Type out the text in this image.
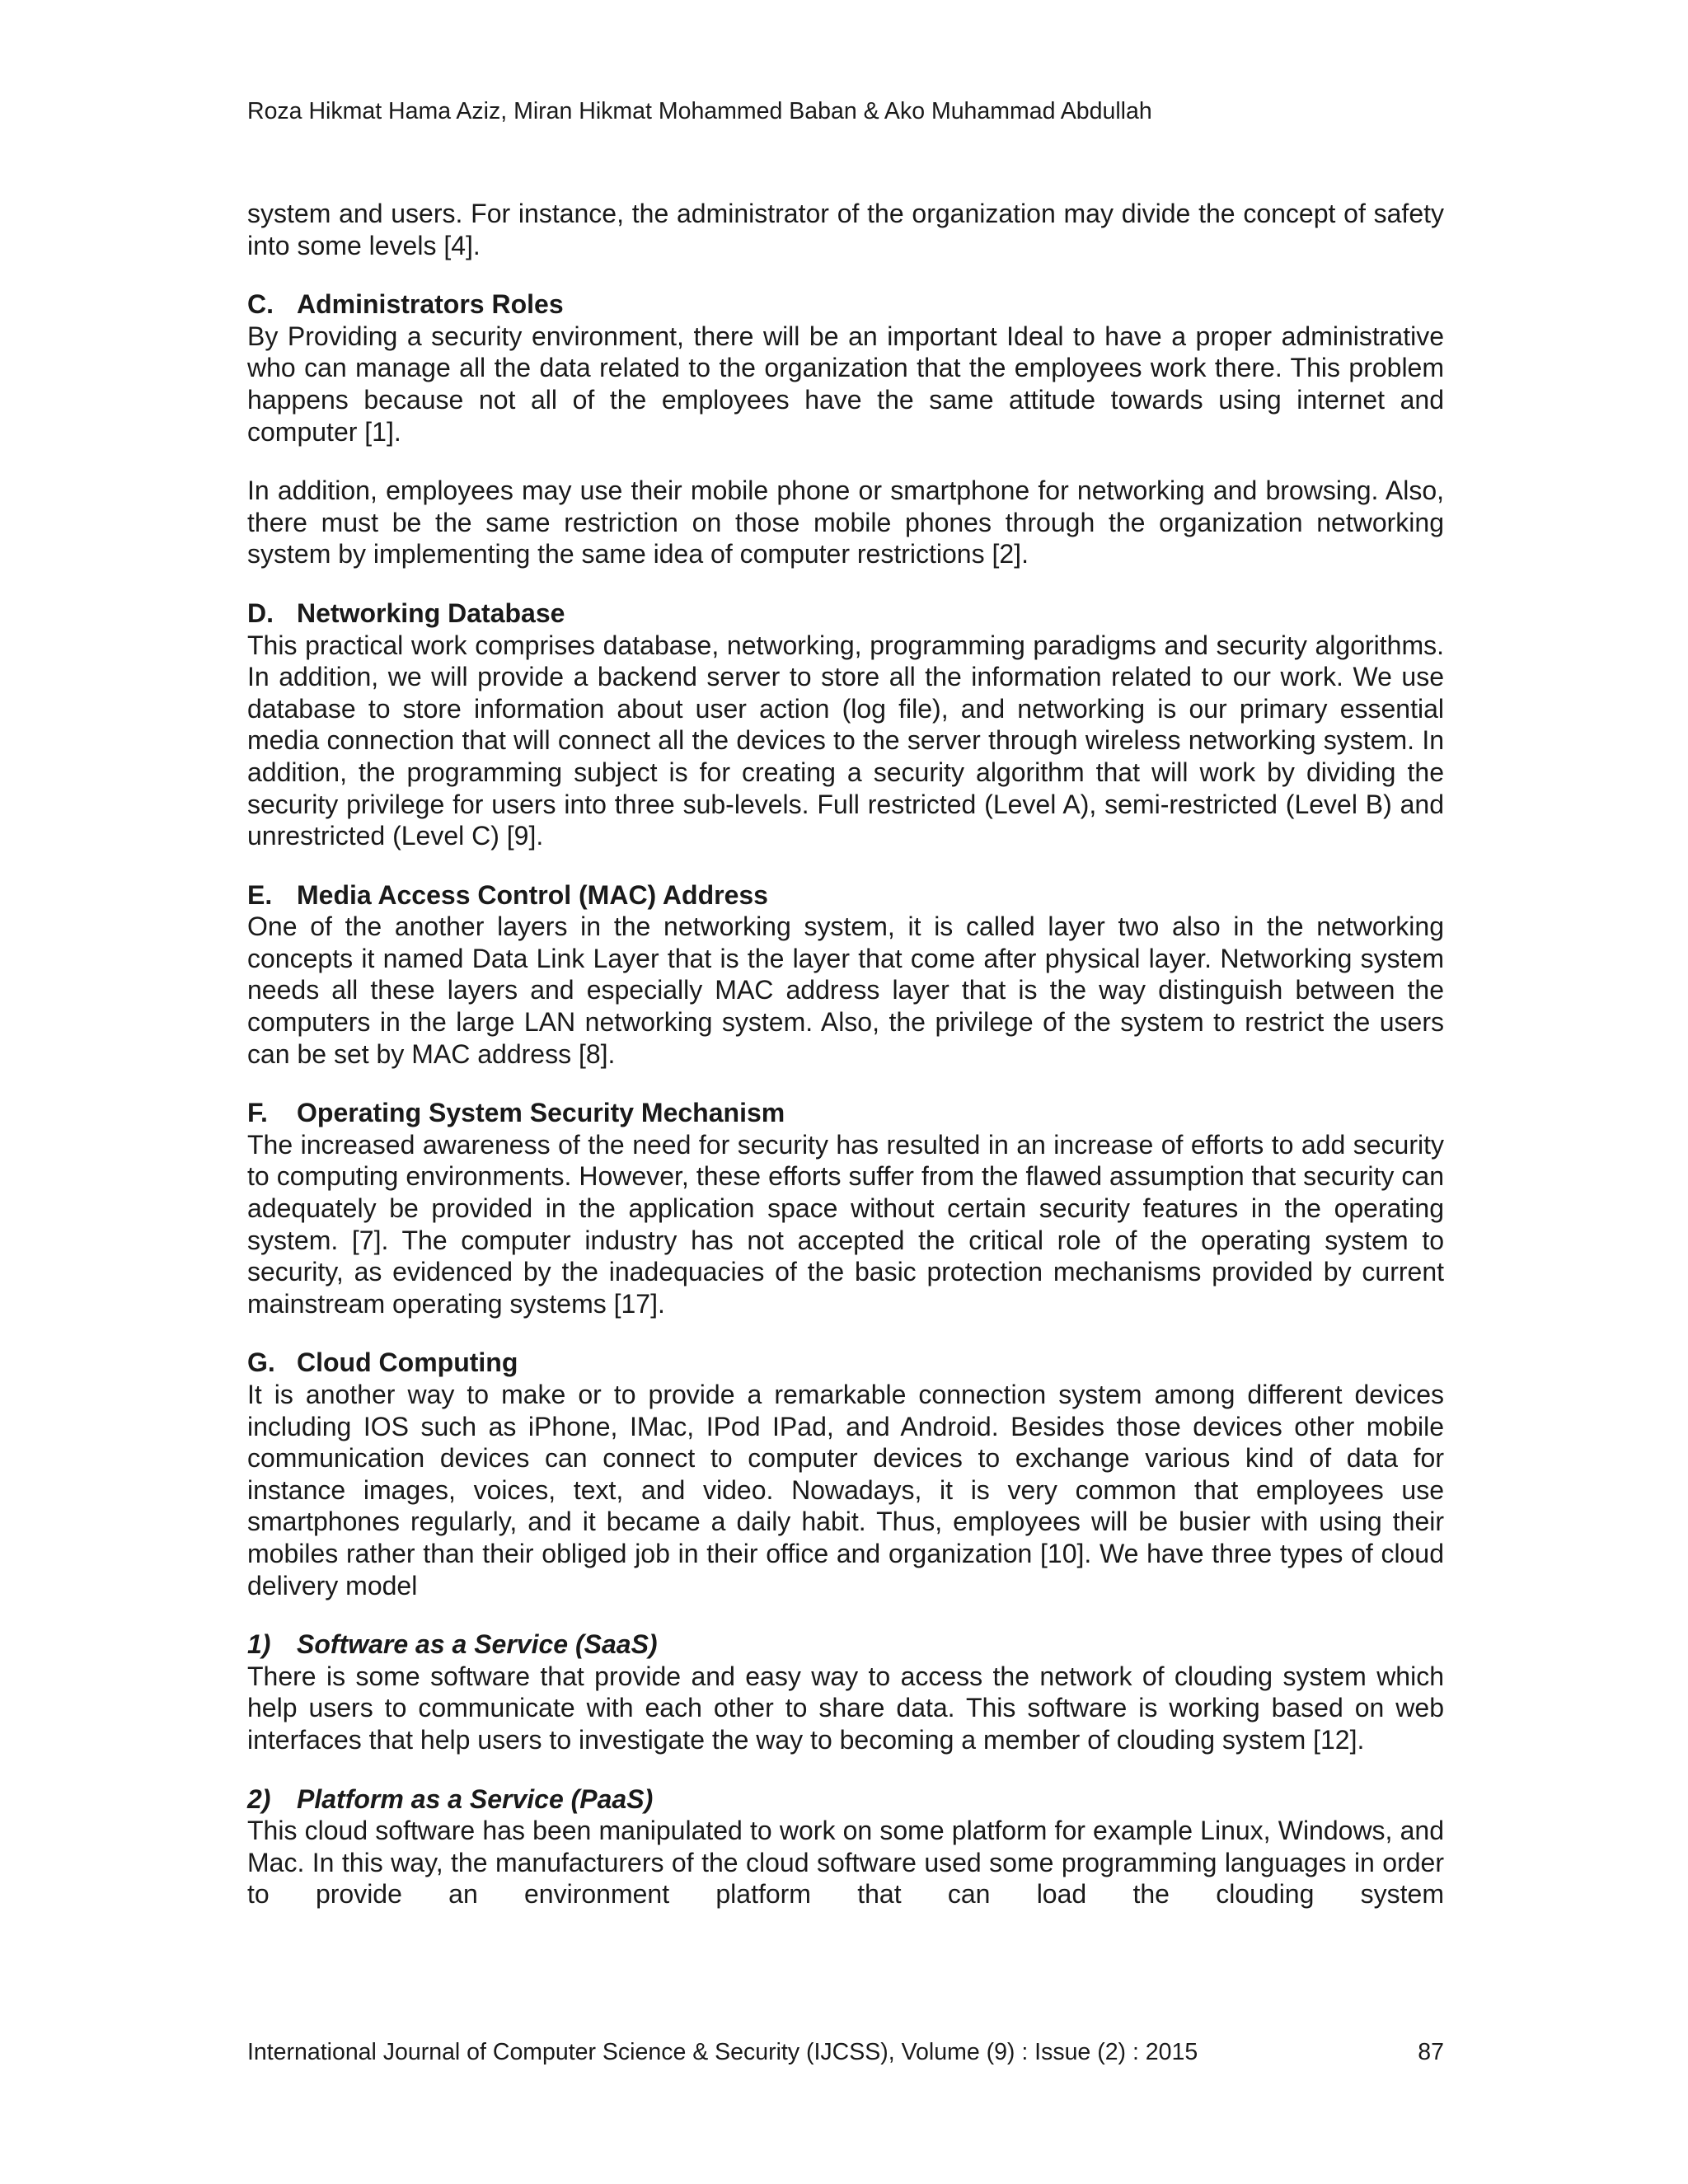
Roza Hikmat Hama Aziz, Miran Hikmat Mohammed Baban & Ako Muhammad Abdullah

system and users. For instance, the administrator of the organization may divide the concept of safety into some levels [4].

C. Administrators Roles

By Providing a security environment, there will be an important Ideal to have a proper administrative who can manage all the data related to the organization that the employees work there. This problem happens because not all of the employees have the same attitude towards using internet and computer [1].

In addition, employees may use their mobile phone or smartphone for networking and browsing. Also, there must be the same restriction on those mobile phones through the organization networking system by implementing the same idea of computer restrictions [2].

D. Networking Database

This practical work comprises database, networking, programming paradigms and security algorithms. In addition, we will provide a backend server to store all the information related to our work. We use database to store information about user action (log file), and networking is our primary essential media connection that will connect all the devices to the server through wireless networking system. In addition, the programming subject is for creating a security algorithm that will work by dividing the security privilege for users into three sub-levels. Full restricted (Level A), semi-restricted (Level B) and unrestricted (Level C) [9].

E. Media Access Control (MAC) Address

One of the another layers in the networking system, it is called layer two also in the networking concepts it named Data Link Layer that is the layer that come after physical layer. Networking system needs all these layers and especially MAC address layer that is the way distinguish between the computers in the large LAN networking system. Also, the privilege of the system to restrict the users can be set by MAC address [8].

F. Operating System Security Mechanism

The increased awareness of the need for security has resulted in an increase of efforts to add security to computing environments. However, these efforts suffer from the flawed assumption that security can adequately be provided in the application space without certain security features in the operating system. [7]. The computer industry has not accepted the critical role of the operating system to security, as evidenced by the inadequacies of the basic protection mechanisms provided by current mainstream operating systems [17].

G. Cloud Computing

It is another way to make or to provide a remarkable connection system among different devices including IOS such as iPhone, IMac, IPod IPad, and Android. Besides those devices other mobile communication devices can connect to computer devices to exchange various kind of data for instance images, voices, text, and video. Nowadays, it is very common that employees use smartphones regularly, and it became a daily habit. Thus, employees will be busier with using their mobiles rather than their obliged job in their office and organization [10]. We have three types of cloud delivery model

1) Software as a Service (SaaS)

There is some software that provide and easy way to access the network of clouding system which help users to communicate with each other to share data. This software is working based on web interfaces that help users to investigate the way to becoming a member of clouding system [12].

2) Platform as a Service (PaaS)

This cloud software has been manipulated to work on some platform for example Linux, Windows, and Mac. In this way, the manufacturers of the cloud software used some programming languages in order to provide an environment platform that can load the clouding system

International Journal of Computer Science & Security (IJCSS), Volume (9) : Issue (2) : 2015	87
